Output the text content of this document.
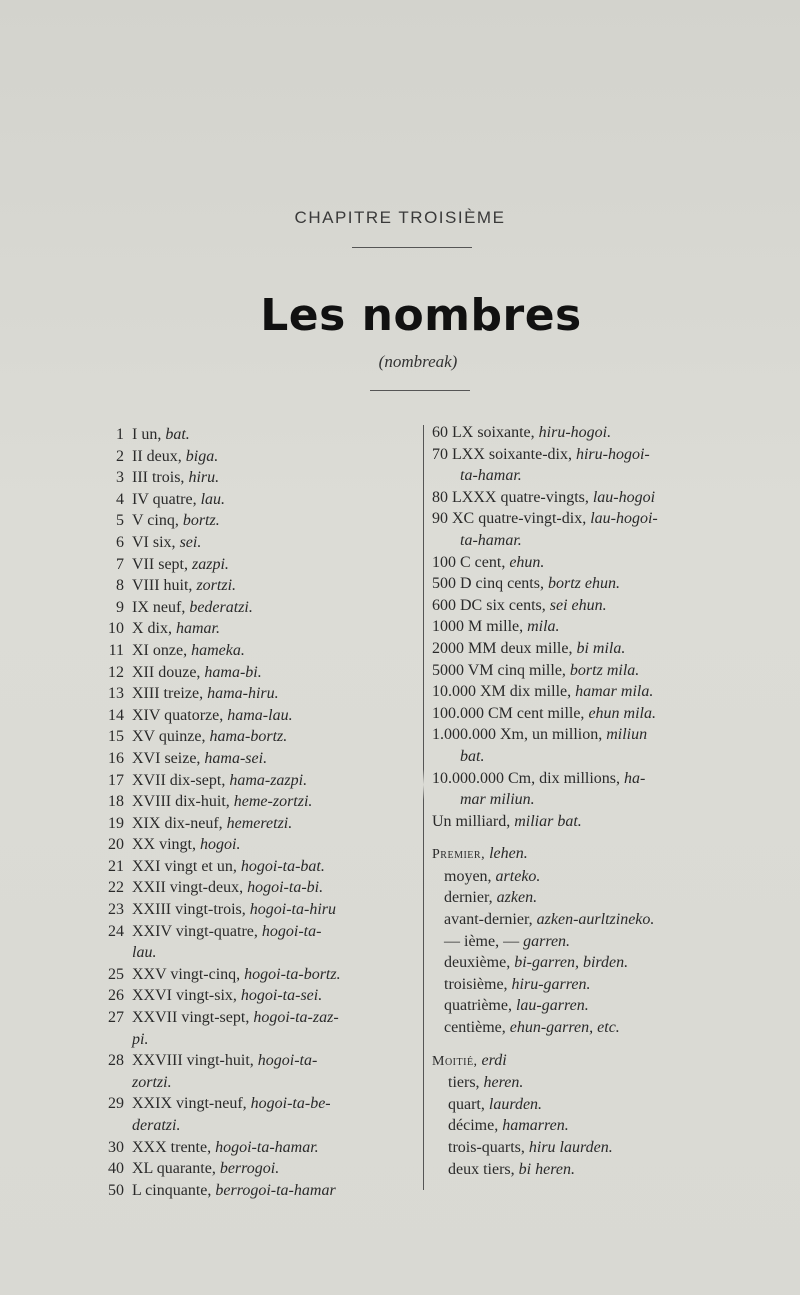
CHAPITRE TROISIÈME
Les nombres
(nombreak)
1 I un, bat.
2 II deux, biga.
3 III trois, hiru.
4 IV quatre, lau.
5 V cinq, bortz.
6 VI six, sei.
7 VII sept, zazpi.
8 VIII huit, zortzi.
9 IX neuf, bederatzi.
10 X dix, hamar.
11 XI onze, hameka.
12 XII douze, hama-bi.
13 XIII treize, hama-hiru.
14 XIV quatorze, hama-lau.
15 XV quinze, hama-bortz.
16 XVI seize, hama-sei.
17 XVII dix-sept, hama-zazpi.
18 XVIII dix-huit, heme-zortzi.
19 XIX dix-neuf, hemeretzi.
20 XX vingt, hogoi.
21 XXI vingt et un, hogoi-ta-bat.
22 XXII vingt-deux, hogoi-ta-bi.
23 XXIII vingt-trois, hogoi-ta-hiru
24 XXIV vingt-quatre, hogoi-ta-
lau.
25 XXV vingt-cinq, hogoi-ta-bortz.
26 XXVI vingt-six, hogoi-ta-sei.
27 XXVII vingt-sept, hogoi-ta-zaz-
pi.
28 XXVIII vingt-huit, hogoi-ta-
zortzi.
29 XXIX vingt-neuf, hogoi-ta-be-
deratzi.
30 XXX trente, hogoi-ta-hamar.
40 XL quarante, berrogoi.
50 L cinquante, berrogoi-ta-hamar
60 LX soixante, hiru-hogoi.
70 LXX soixante-dix, hiru-hogoi-
ta-hamar.
80 LXXX quatre-vingts, lau-hogoi
90 XC quatre-vingt-dix, lau-hogoi-
ta-hamar.
100 C cent, ehun.
500 D cinq cents, bortz ehun.
600 DC six cents, sei ehun.
1000 M mille, mila.
2000 MM deux mille, bi mila.
5000 VM cinq mille, bortz mila.
10.000 XM dix mille, hamar mila.
100.000 CM cent mille, ehun mila.
1.000.000 Xm, un million, miliun
bat.
10.000.000 Cm, dix millions, ha-
mar miliun.
Un milliard, miliar bat.
Premier, lehen.
moyen, arteko.
dernier, azken.
avant-dernier, azken-aurltzineko.
— ième, — garren.
deuxième, bi-garren, birden.
troisième, hiru-garren.
quatrième, lau-garren.
centième, ehun-garren, etc.
Moitié, erdi
tiers, heren.
quart, laurden.
décime, hamarren.
trois-quarts, hiru laurden.
deux tiers, bi heren.
